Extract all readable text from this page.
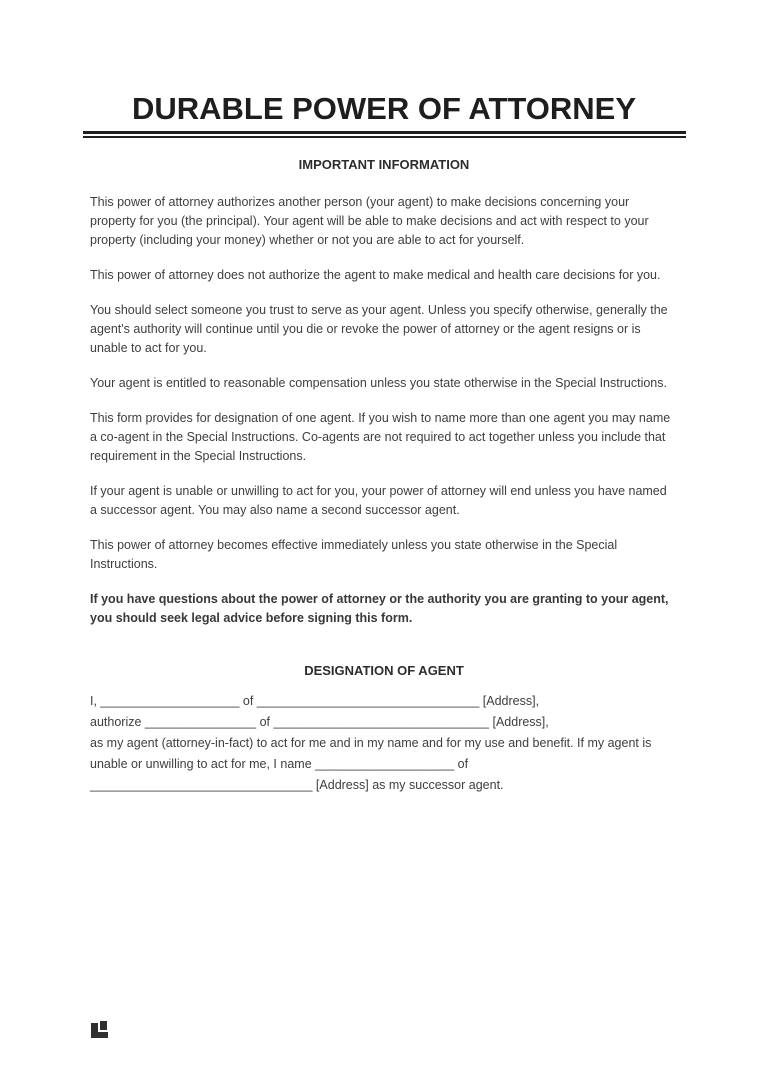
DURABLE POWER OF ATTORNEY
IMPORTANT INFORMATION
This power of attorney authorizes another person (your agent) to make decisions concerning your
property for you (the principal). Your agent will be able to make decisions and act with respect to your
property (including your money) whether or not you are able to act for yourself.
This power of attorney does not authorize the agent to make medical and health care decisions for you.
You should select someone you trust to serve as your agent. Unless you specify otherwise, generally the
agent's authority will continue until you die or revoke the power of attorney or the agent resigns or is
unable to act for you.
Your agent is entitled to reasonable compensation unless you state otherwise in the Special Instructions.
This form provides for designation of one agent. If you wish to name more than one agent you may name
a co-agent in the Special Instructions. Co-agents are not required to act together unless you include that
requirement in the Special Instructions.
If your agent is unable or unwilling to act for you, your power of attorney will end unless you have named
a successor agent. You may also name a second successor agent.
This power of attorney becomes effective immediately unless you state otherwise in the Special
Instructions.
If you have questions about the power of attorney or the authority you are granting to your agent,
you should seek legal advice before signing this form.
DESIGNATION OF AGENT
I, ____________________ of ________________________________ [Address],
authorize ________________ of _______________________________ [Address],
as my agent (attorney-in-fact) to act for me and in my name and for my use and benefit. If my agent is
unable or unwilling to act for me, I name ____________________ of
________________________________ [Address] as my successor agent.
